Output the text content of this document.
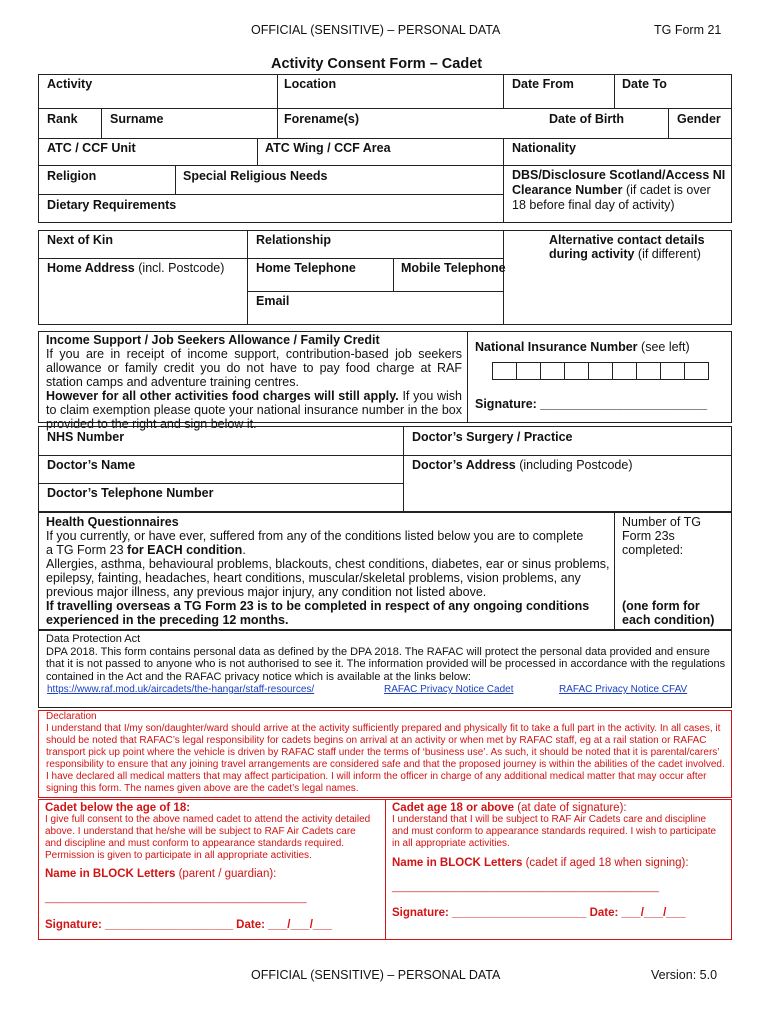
OFFICIAL (SENSITIVE) – PERSONAL DATA	TG Form 21
Activity Consent Form – Cadet
Activity	Location	Date From	Date To
Rank	Surname	Forename(s)	Date of Birth	Gender
ATC / CCF Unit	ATC Wing / CCF Area	Nationality
Religion	Special Religious Needs	DBS/Disclosure Scotland/Access NI Clearance Number (if cadet is over 18 before final day of activity)
Dietary Requirements
Next of Kin	Relationship	Alternative contact details during activity (if different)
Home Address (incl. Postcode)	Home Telephone	Mobile Telephone
Email
Income Support / Job Seekers Allowance / Family Credit
If you are in receipt of income support, contribution-based job seekers allowance or family credit you do not have to pay food charge at RAF station camps and adventure training centres.
However for all other activities food charges will still apply. If you wish to claim exemption please quote your national insurance number in the box provided to the right and sign below it.
National Insurance Number (see left)
Signature: ________________________
NHS Number	Doctor’s Surgery / Practice
Doctor’s Name	Doctor’s Address (including Postcode)
Doctor’s Telephone Number
Health Questionnaires
If you currently, or have ever, suffered from any of the conditions listed below you are to complete
a TG Form 23 for EACH condition.
Allergies, asthma, behavioural problems, blackouts, chest conditions, diabetes, ear or sinus problems, epilepsy, fainting, headaches, heart conditions, muscular/skeletal problems, vision problems, any previous major illness, any previous major injury, any condition not listed above.
If travelling overseas a TG Form 23 is to be completed in respect of any ongoing conditions experienced in the preceding 12 months.
Number of TG Form 23s completed:
(one form for each condition)
Data Protection Act
DPA 2018. This form contains personal data as defined by the DPA 2018. The RAFAC will protect the personal data provided and ensure that it is not passed to anyone who is not authorised to see it. The information provided will be processed in accordance with the regulations contained in the Act and the RAFAC privacy notice which is available at the links below:
https://www.raf.mod.uk/aircadets/the-hangar/staff-resources/	RAFAC Privacy Notice Cadet	RAFAC Privacy Notice CFAV
Declaration
I understand that I/my son/daughter/ward should arrive at the activity sufficiently prepared and physically fit to take a full part in the activity. In all cases, it should be noted that RAFAC’s legal responsibility for cadets begins on arrival at an activity or when met by RAFAC staff, eg at a rail station or RAFAC transport pick up point where the vehicle is driven by RAFAC staff under the terms of ‘business use’. As such, it should be noted that it is parental/carers’ responsibility to ensure that any joining travel arrangements are considered safe and that the proposed journey is within the abilities of the cadet involved. I have declared all medical matters that may affect participation. I will inform the officer in charge of any additional medical matter that may occur after signing this form. The names given above are the cadet’s legal names.
Cadet below the age of 18:
I give full consent to the above named cadet to attend the activity detailed above. I understand that he/she will be subject to RAF Air Cadets care and discipline and must conform to appearance standards required. Permission is given to participate in all appropriate activities.
Name in BLOCK Letters (parent / guardian):
_______________________________________________
Signature: ____________________ Date: ___/___/___
Cadet age 18 or above (at date of signature):
I understand that I will be subject to RAF Air Cadets care and discipline and must conform to appearance standards required. I wish to participate in all appropriate activities.
Name in BLOCK Letters (cadet if aged 18 when signing):
________________________________________________
Signature: _____________________ Date: ___/___/___
OFFICIAL (SENSITIVE) – PERSONAL DATA	Version: 5.0
